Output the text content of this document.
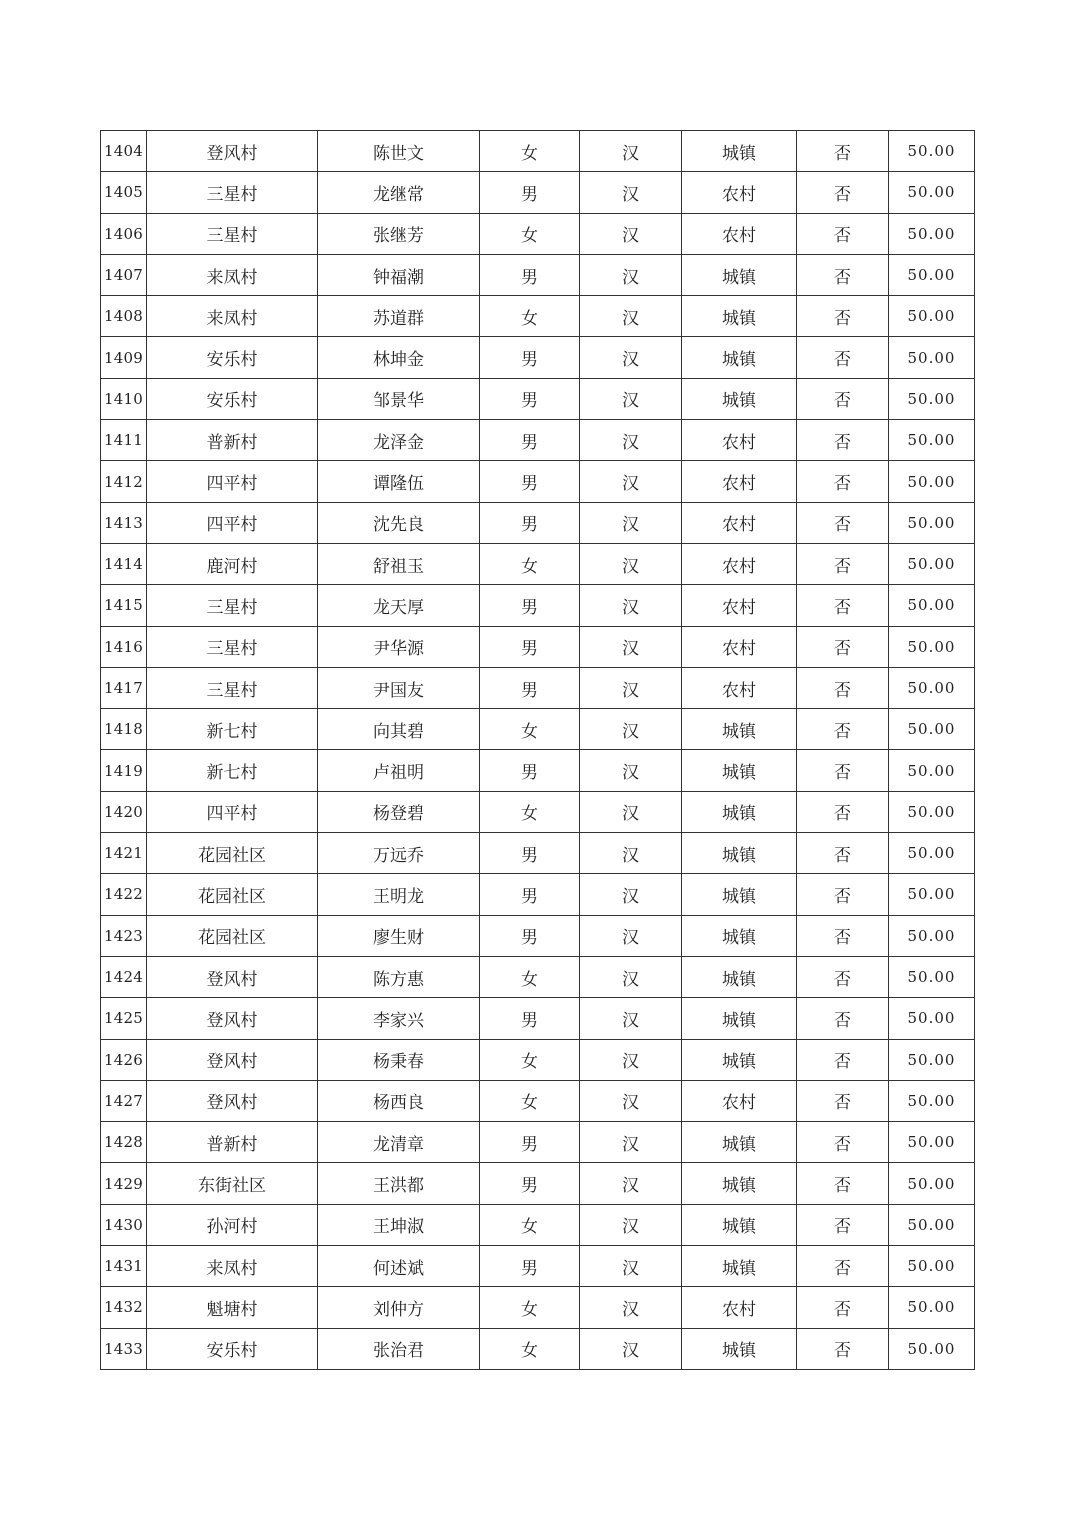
1404	登风村	陈世文	女	汉	城镇	否	50.00
1405	三星村	龙继常	男	汉	农村	否	50.00
1406	三星村	张继芳	女	汉	农村	否	50.00
1407	来凤村	钟福潮	男	汉	城镇	否	50.00
1408	来凤村	苏道群	女	汉	城镇	否	50.00
1409	安乐村	林坤金	男	汉	城镇	否	50.00
1410	安乐村	邹景华	男	汉	城镇	否	50.00
1411	普新村	龙泽金	男	汉	农村	否	50.00
1412	四平村	谭隆伍	男	汉	农村	否	50.00
1413	四平村	沈先良	男	汉	农村	否	50.00
1414	鹿河村	舒祖玉	女	汉	农村	否	50.00
1415	三星村	龙天厚	男	汉	农村	否	50.00
1416	三星村	尹华源	男	汉	农村	否	50.00
1417	三星村	尹国友	男	汉	农村	否	50.00
1418	新七村	向其碧	女	汉	城镇	否	50.00
1419	新七村	卢祖明	男	汉	城镇	否	50.00
1420	四平村	杨登碧	女	汉	城镇	否	50.00
1421	花园社区	万远乔	男	汉	城镇	否	50.00
1422	花园社区	王明龙	男	汉	城镇	否	50.00
1423	花园社区	廖生财	男	汉	城镇	否	50.00
1424	登风村	陈方惠	女	汉	城镇	否	50.00
1425	登风村	李家兴	男	汉	城镇	否	50.00
1426	登风村	杨秉春	女	汉	城镇	否	50.00
1427	登风村	杨西良	女	汉	农村	否	50.00
1428	普新村	龙清章	男	汉	城镇	否	50.00
1429	东街社区	王洪都	男	汉	城镇	否	50.00
1430	孙河村	王坤淑	女	汉	城镇	否	50.00
1431	来凤村	何述斌	男	汉	城镇	否	50.00
1432	魁塘村	刘仲方	女	汉	农村	否	50.00
1433	安乐村	张治君	女	汉	城镇	否	50.00
